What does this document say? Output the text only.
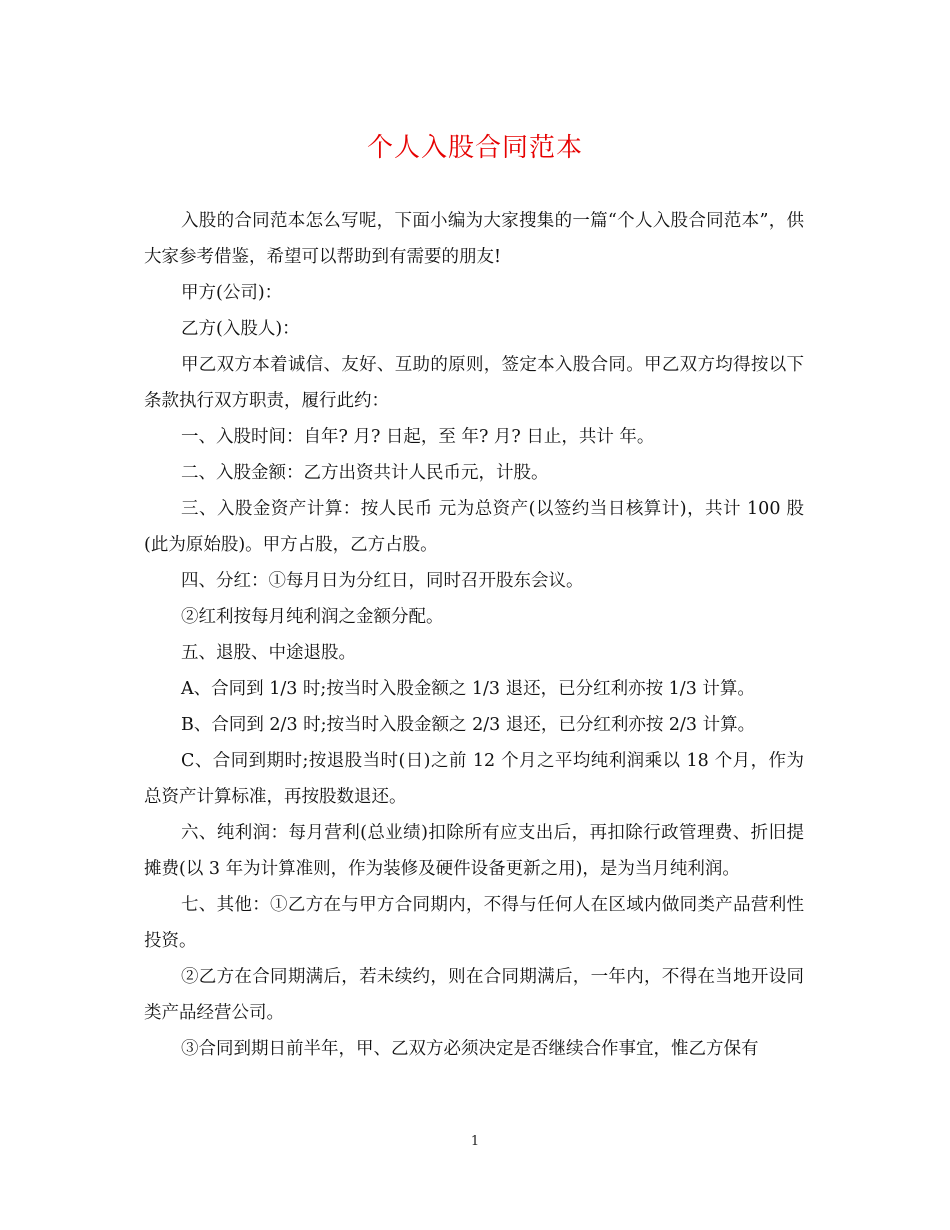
个人入股合同范本

入股的合同范本怎么写呢，下面小编为大家搜集的一篇“个人入股合同范本”，供大家参考借鉴，希望可以帮助到有需要的朋友!

甲方(公司)：

乙方(入股人)：

甲乙双方本着诚信、友好、互助的原则，签定本入股合同。甲乙双方均得按以下条款执行双方职责，履行此约：

一、入股时间：自年? 月? 日起，至 年? 月? 日止，共计 年。

二、入股金额：乙方出资共计人民币元，计股。

三、入股金资产计算：按人民币 元为总资产(以签约当日核算计)，共计 100 股(此为原始股)。甲方占股，乙方占股。

四、分红：①每月日为分红日，同时召开股东会议。

②红利按每月纯利润之金额分配。

五、退股、中途退股。

A、合同到 1/3 时;按当时入股金额之 1/3 退还，已分红利亦按 1/3 计算。

B、合同到 2/3 时;按当时入股金额之 2/3 退还，已分红利亦按 2/3 计算。

C、合同到期时;按退股当时(日)之前 12 个月之平均纯利润乘以 18 个月，作为总资产计算标准，再按股数退还。

六、纯利润：每月营利(总业绩)扣除所有应支出后，再扣除行政管理费、折旧提摊费(以 3 年为计算准则，作为装修及硬件设备更新之用)，是为当月纯利润。

七、其他：①乙方在与甲方合同期内，不得与任何人在区域内做同类产品营利性投资。

②乙方在合同期满后，若未续约，则在合同期满后，一年内，不得在当地开设同类产品经营公司。

③合同到期日前半年，甲、乙双方必须决定是否继续合作事宜，惟乙方保有

1
